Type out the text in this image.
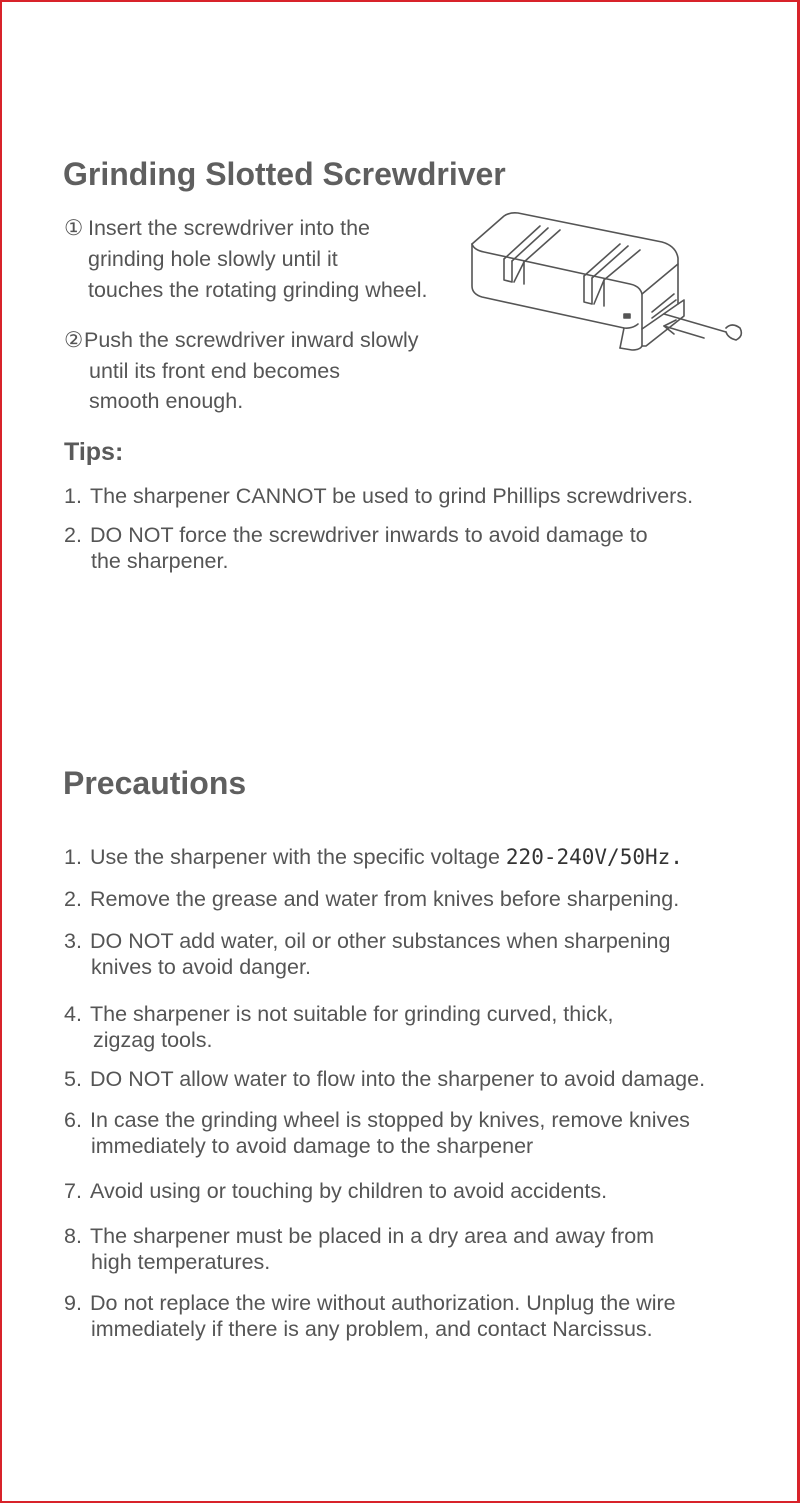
Grinding Slotted Screwdriver
① Insert the screwdriver into the
grinding hole slowly until it
touches the rotating grinding wheel.
②Push the screwdriver inward slowly
until its front end becomes
smooth enough.
Tips:
1. The sharpener CANNOT be used to grind Phillips screwdrivers.
2. DO NOT force the screwdriver inwards to avoid damage to
the sharpener.
Precautions
1. Use the sharpener with the specific voltage 220-240V/50Hz.
2. Remove the grease and water from knives before sharpening.
3. DO NOT add water, oil or other substances when sharpening
knives to avoid danger.
4. The sharpener is not suitable for grinding curved, thick,
zigzag tools.
5. DO NOT allow water to flow into the sharpener to avoid damage.
6. In case the grinding wheel is stopped by knives, remove knives
immediately to avoid damage to the sharpener
7. Avoid using or touching by children to avoid accidents.
8. The sharpener must be placed in a dry area and away from
high temperatures.
9. Do not replace the wire without authorization. Unplug the wire
immediately if there is any problem, and contact Narcissus.
